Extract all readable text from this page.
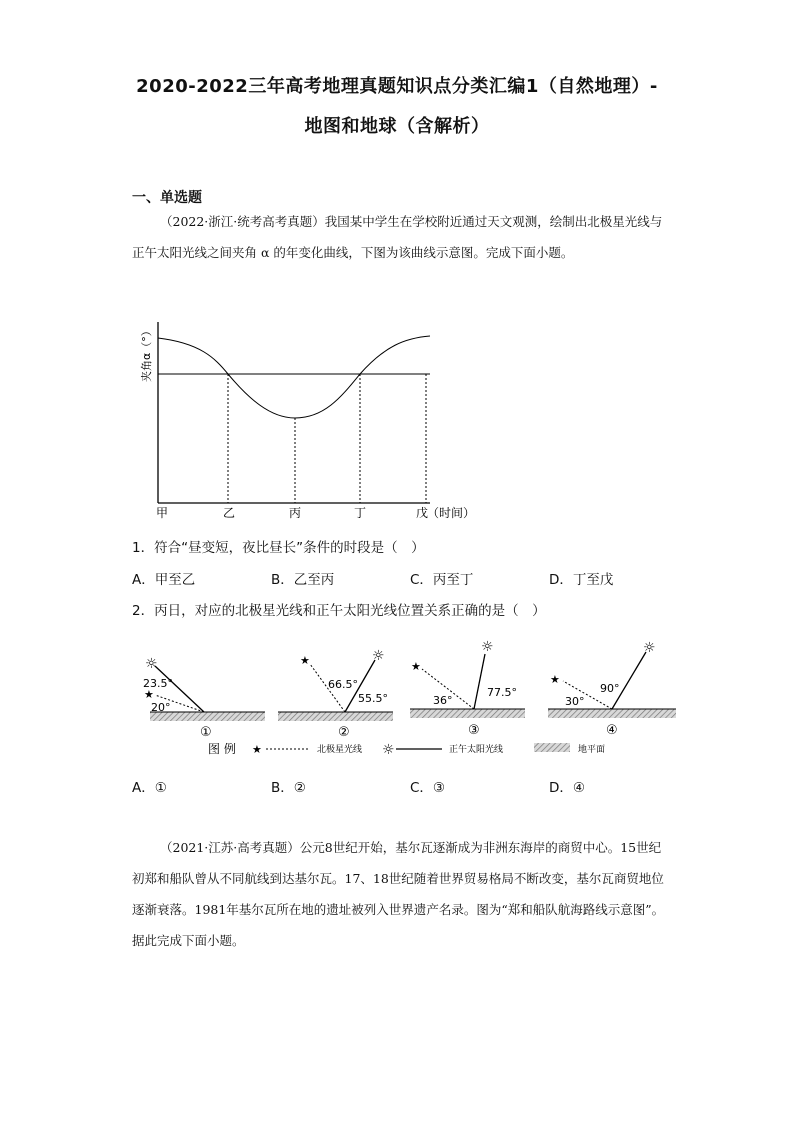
2020-2022三年高考地理真题知识点分类汇编1（自然地理）-
地图和地球（含解析）
一、单选题

（2022·浙江·统考高考真题）我国某中学生在学校附近通过天文观测，绘制出北极星光线与正午太阳光线之间夹角 α 的年变化曲线，下图为该曲线示意图。完成下面小题。

夹角α（°）
甲	乙	丙	丁	戊
（时间）
1．符合“昼变短，夜比昼长”条件的时段是（　）
A．甲至乙	B．乙至丙	C．丙至丁	D．丁至戊
2．丙日，对应的北极星光线和正午太阳光线位置关系正确的是（　）
☼
★
23.5°
20°
①
☼
★
66.5°
55.5°
②
☼
★
36°
77.5°
③
☼
★
30°
90°
④
图 例 ★	北极星光线 ☼	正午太阳光线	地平面
A．①	B．②	C．③	D．④

（2021·江苏·高考真题）公元8世纪开始，基尔瓦逐渐成为非洲东海岸的商贸中心。15世纪初郑和船队曾从不同航线到达基尔瓦。17、18世纪随着世界贸易格局不断改变，基尔瓦商贸地位逐渐衰落。1981年基尔瓦所在地的遗址被列入世界遗产名录。图为“郑和船队航海路线示意图”。据此完成下面小题。
